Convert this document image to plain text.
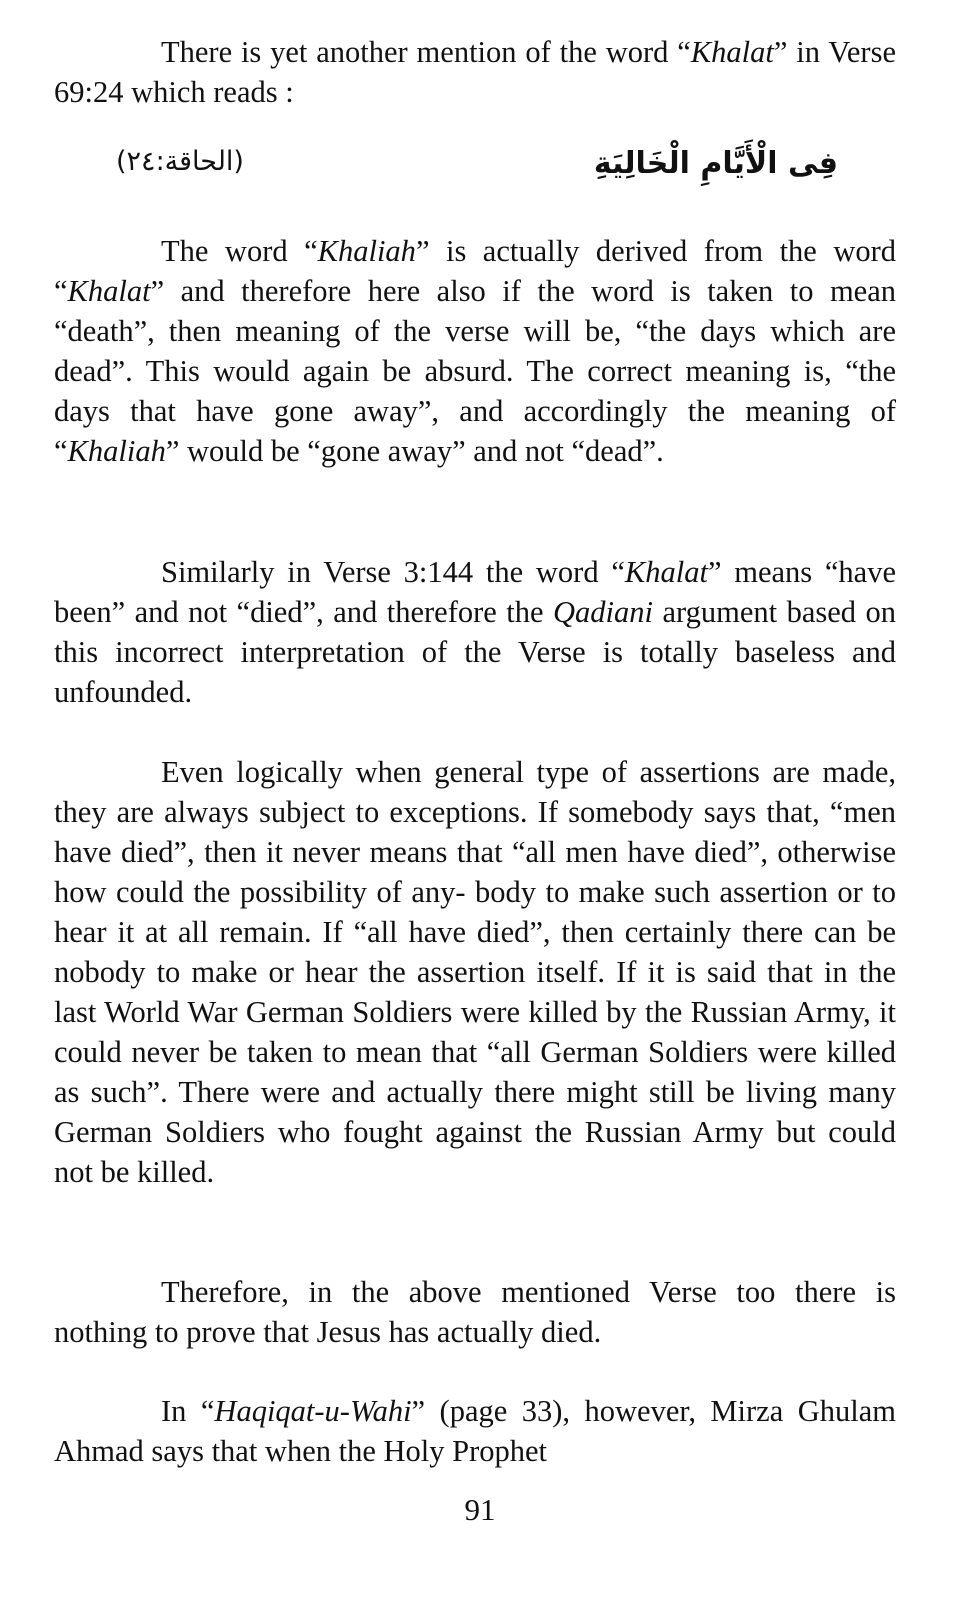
There is yet another mention of the word “Khalat” in Verse 69:24 which reads :

(الحاقة:٢٤)	فِى الْأَيَّامِ الْخَالِيَةِ

The word “Khaliah” is actually derived from the word “Khalat” and therefore here also if the word is taken to mean “death”, then meaning of the verse will be, “the days which are dead”. This would again be absurd. The correct meaning is, “the days that have gone away”, and accordingly the meaning of “Khaliah” would be “gone away” and not “dead”.

Similarly in Verse 3:144 the word “Khalat” means “have been” and not “died”, and therefore the Qadiani argument based on this incorrect interpretation of the Verse is totally baseless and unfounded.

Even logically when general type of assertions are made, they are always subject to exceptions. If somebody says that, “men have died”, then it never means that “all men have died”, otherwise how could the possibility of any- body to make such assertion or to hear it at all remain. If “all have died”, then certainly there can be nobody to make or hear the assertion itself. If it is said that in the last World War German Soldiers were killed by the Russian Army, it could never be taken to mean that “all German Soldiers were killed as such”. There were and actually there might still be living many German Soldiers who fought against the Russian Army but could not be killed.

Therefore, in the above mentioned Verse too there is nothing to prove that Jesus has actually died.

In “Haqiqat-u-Wahi” (page 33), however, Mirza Ghulam Ahmad says that when the Holy Prophet

91
